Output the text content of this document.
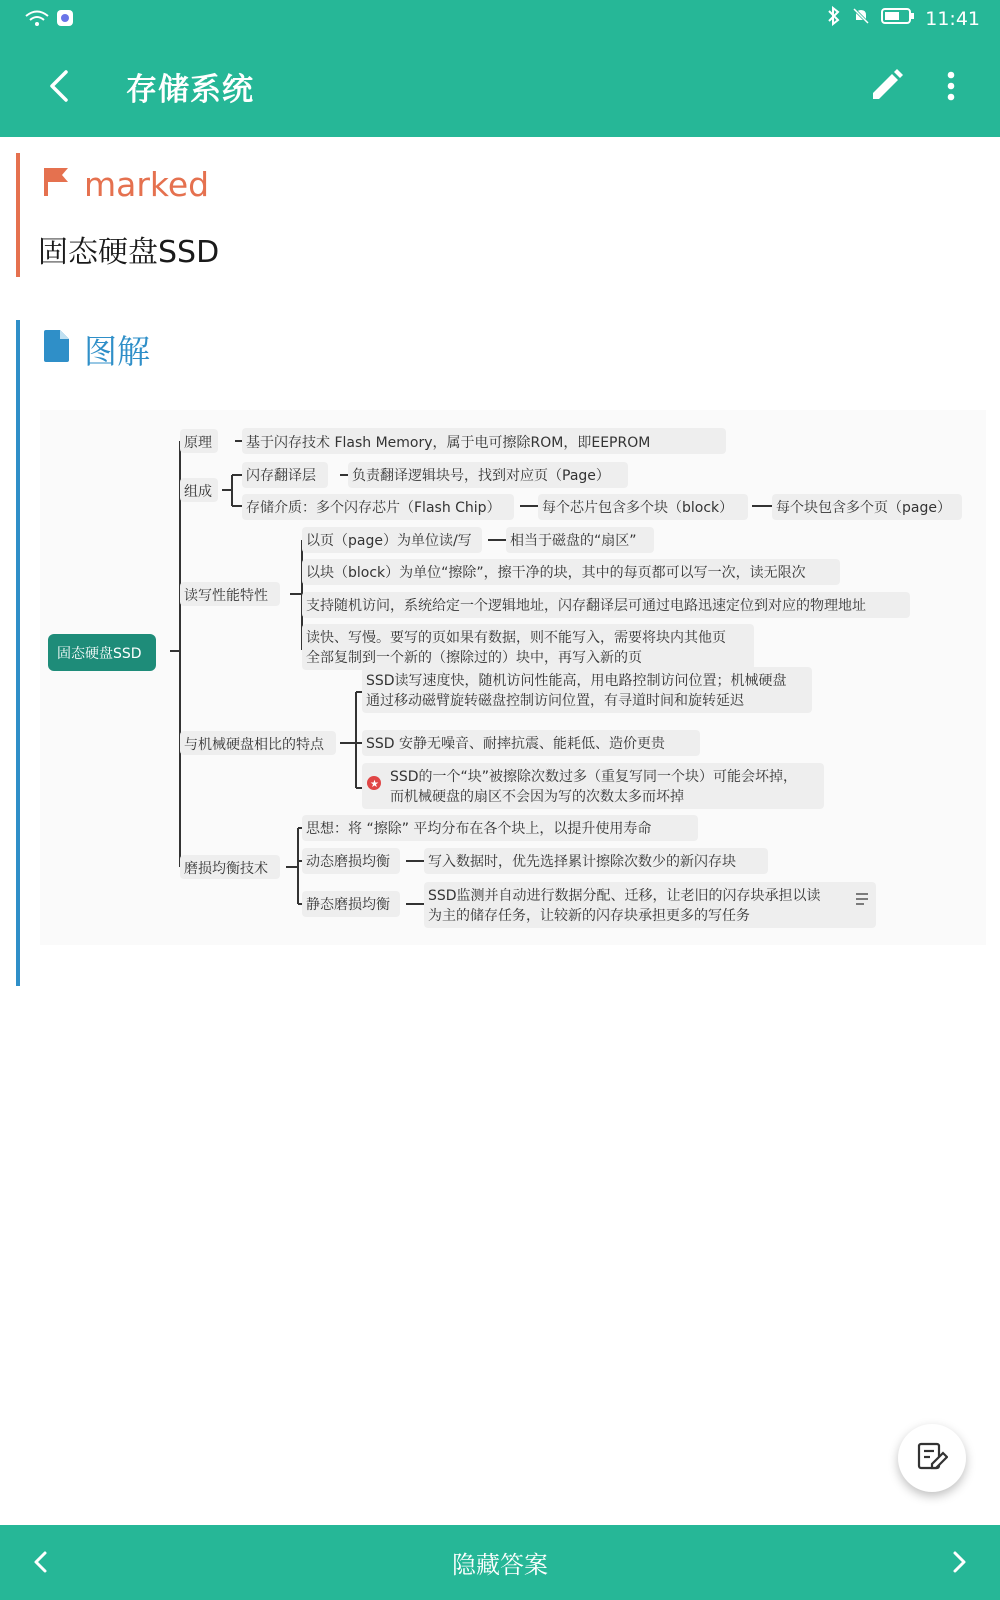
11:41
存储系统
marked
固态硬盘SSD
图解
固态硬盘SSD
原理 基于闪存技术 Flash Memory，属于电可擦除ROM，即EEPROM
组成
闪存翻译层	负责翻译逻辑块号，找到对应页（Page）
存储介质：多个闪存芯片（Flash Chip）	每个芯片包含多个块（block）	每个块包含多个页（page）
读写性能特性
以页（page）为单位读/写	相当于磁盘的“扇区”
以块（block）为单位“擦除”，擦干净的块，其中的每页都可以写一次，读无限次
支持随机访问，系统给定一个逻辑地址，闪存翻译层可通过电路迅速定位到对应的物理地址
读快、写慢。要写的页如果有数据，则不能写入，需要将块内其他页
全部复制到一个新的（擦除过的）块中，再写入新的页
与机械硬盘相比的特点
SSD读写速度快，随机访问性能高，用电路控制访问位置；机械硬盘
通过移动磁臂旋转磁盘控制访问位置，有寻道时间和旋转延迟
SSD 安静无噪音、耐摔抗震、能耗低、造价更贵
★ SSD的一个“块”被擦除次数过多（重复写同一个块）可能会坏掉，
而机械硬盘的扇区不会因为写的次数太多而坏掉
磨损均衡技术
思想：将 “擦除” 平均分布在各个块上，以提升使用寿命
动态磨损均衡	写入数据时，优先选择累计擦除次数少的新闪存块
静态磨损均衡
SSD监测并自动进行数据分配、迁移，让老旧的闪存块承担以读
为主的储存任务，让较新的闪存块承担更多的写任务
隐藏答案
